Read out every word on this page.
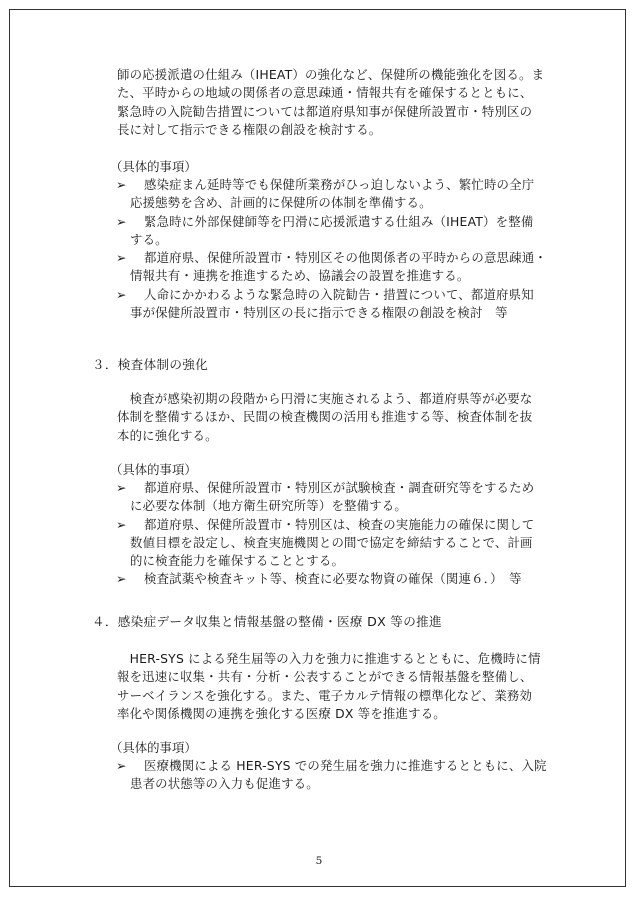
師の応援派遣の仕組み（IHEAT）の強化など、保健所の機能強化を図る。ま
た、平時からの地域の関係者の意思疎通・情報共有を確保するとともに、
緊急時の入院勧告措置については都道府県知事が保健所設置市・特別区の
長に対して指示できる権限の創設を検討する。
（具体的事項）
➢ 感染症まん延時等でも保健所業務がひっ迫しないよう、繁忙時の全庁
応援態勢を含め、計画的に保健所の体制を準備する。
➢ 緊急時に外部保健師等を円滑に応援派遣する仕組み（IHEAT）を整備
する。
➢ 都道府県、保健所設置市・特別区その他関係者の平時からの意思疎通・
情報共有・連携を推進するため、協議会の設置を推進する。
➢ 人命にかかわるような緊急時の入院勧告・措置について、都道府県知
事が保健所設置市・特別区の長に指示できる権限の創設を検討　等
３．検査体制の強化
　検査が感染初期の段階から円滑に実施されるよう、都道府県等が必要な
体制を整備するほか、民間の検査機関の活用も推進する等、検査体制を抜
本的に強化する。
（具体的事項）
➢ 都道府県、保健所設置市・特別区が試験検査・調査研究等をするため
に必要な体制（地方衛生研究所等）を整備する。
➢ 都道府県、保健所設置市・特別区は、検査の実施能力の確保に関して
数値目標を設定し、検査実施機関との間で協定を締結することで、計画
的に検査能力を確保することとする。
➢ 検査試薬や検査キット等、検査に必要な物資の確保（関連６．）　等
４．感染症データ収集と情報基盤の整備・医療 DX 等の推進
　HER-SYS による発生届等の入力を強力に推進するとともに、危機時に情
報を迅速に収集・共有・分析・公表することができる情報基盤を整備し、
サーベイランスを強化する。また、電子カルテ情報の標準化など、業務効
率化や関係機関の連携を強化する医療 DX 等を推進する。
（具体的事項）
➢ 医療機関による HER-SYS での発生届を強力に推進するとともに、入院
患者の状態等の入力も促進する。
5
